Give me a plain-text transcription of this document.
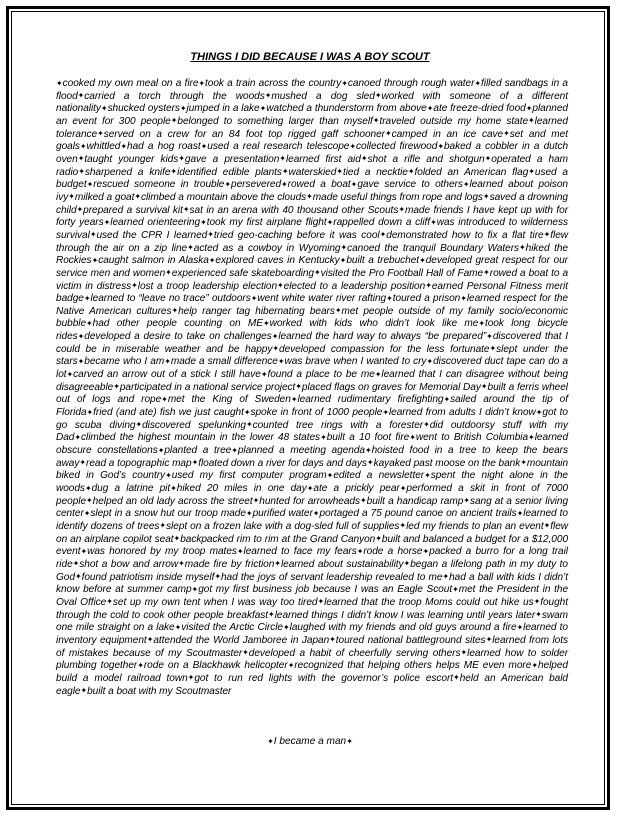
THINGS I DID BECAUSE I WAS A BOY SCOUT
✦cooked my own meal on a fire✦took a train across the country✦canoed through rough water✦filled sandbags in a flood✦carried a torch through the woods✦mushed a dog sled✦worked with someone of a different nationality✦shucked oysters✦jumped in a lake✦watched a thunderstorm from above✦ate freeze-dried food✦planned an event for 300 people✦belonged to something larger than myself✦traveled outside my home state✦learned tolerance✦served on a crew for an 84 foot top rigged gaff schooner✦camped in an ice cave✦set and met goals✦whittled✦had a hog roast✦used a real research telescope✦collected firewood✦baked a cobbler in a dutch oven✦taught younger kids✦gave a presentation✦learned first aid✦shot a rifle and shotgun✦operated a ham radio✦sharpened a knife✦identified edible plants✦waterskied✦tied a necktie✦folded an American flag✦used a budget✦rescued someone in trouble✦persevered✦rowed a boat✦gave service to others✦learned about poison ivy✦milked a goat✦climbed a mountain above the clouds✦made useful things from rope and logs✦saved a drowning child✦prepared a survival kit✦sat in an arena with 40 thousand other Scouts✦made friends I have kept up with for forty years✦learned orienteering✦took my first airplane flight✦rappelled down a cliff✦was introduced to wilderness survival✦used the CPR I learned✦tried geo-caching before it was cool✦demonstrated how to fix a flat tire✦flew through the air on a zip line✦acted as a cowboy in Wyoming✦canoed the tranquil Boundary Waters✦hiked the Rockies✦caught salmon in Alaska✦explored caves in Kentucky✦built a trebuchet✦developed great respect for our service men and women✦experienced safe skateboarding✦visited the Pro Football Hall of Fame✦rowed a boat to a victim in distress✦lost a troop leadership election✦elected to a leadership position✦earned Personal Fitness merit badge✦learned to “leave no trace” outdoors✦went white water river rafting✦toured a prison✦learned respect for the Native American cultures✦help ranger tag hibernating bears✦met people outside of my family socio/economic bubble✦had other people counting on ME✦worked with kids who didn’t look like me✦took long bicycle rides✦developed a desire to take on challenges✦learned the hard way to always “be prepared”✦discovered that I could be in miserable weather and be happy✦developed compassion for the less fortunate✦slept under the stars✦became who I am✦made a small difference✦was brave when I wanted to cry✦discovered duct tape can do a lot✦carved an arrow out of a stick I still have✦found a place to be me✦learned that I can disagree without being disagreeable✦participated in a national service project✦placed flags on graves for Memorial Day✦built a ferris wheel out of logs and rope✦met the King of Sweden✦learned rudimentary firefighting✦sailed around the tip of Florida✦fried (and ate) fish we just caught✦spoke in front of 1000 people✦learned from adults I didn’t know✦got to go scuba diving✦discovered spelunking✦counted tree rings with a forester✦did outdoorsy stuff with my Dad✦climbed the highest mountain in the lower 48 states✦built a 10 foot fire✦went to British Columbia✦learned obscure constellations✦planted a tree✦planned a meeting agenda✦hoisted food in a tree to keep the bears away✦read a topographic map✦floated down a river for days and days✦kayaked past moose on the bank✦mountain biked in God’s country✦used my first computer program✦edited a newsletter✦spent the night alone in the woods✦dug a latrine pit✦hiked 20 miles in one day✦ate a prickly pear✦performed a skit in front of 7000 people✦helped an old lady across the street✦hunted for arrowheads✦built a handicap ramp✦sang at a senior living center✦slept in a snow hut our troop made✦purified water✦portaged a 75 pound canoe on ancient trails✦learned to identify dozens of trees✦slept on a frozen lake with a dog-sled full of supplies✦led my friends to plan an event✦flew on an airplane copilot seat✦backpacked rim to rim at the Grand Canyon✦built and balanced a budget for a $12,000 event✦was honored by my troop mates✦learned to face my fears✦rode a horse✦packed a burro for a long trail ride✦shot a bow and arrow✦made fire by friction✦learned about sustainability✦began a lifelong path in my duty to God✦found patriotism inside myself✦had the joys of servant leadership revealed to me✦had a ball with kids I didn’t know before at summer camp✦got my first business job because I was an Eagle Scout✦met the President in the Oval Office✦set up my own tent when I was way too tired✦learned that the troop Moms could out hike us✦fought through the cold to cook other people breakfast✦learned things I didn’t know I was learning until years later✦swam one mile straight on a lake✦visited the Arctic Circle✦laughed with my friends and old guys around a fire✦learned to inventory equipment✦attended the World Jamboree in Japan✦toured national battleground sites✦learned from lots of mistakes because of my Scoutmaster✦developed a habit of cheerfully serving others✦learned how to solder plumbing together✦rode on a Blackhawk helicopter✦recognized that helping others helps ME even more✦helped build a model railroad town✦got to run red lights with the governor’s police escort✦held an American bald eagle✦built a boat with my Scoutmaster
✦I became a man✦
